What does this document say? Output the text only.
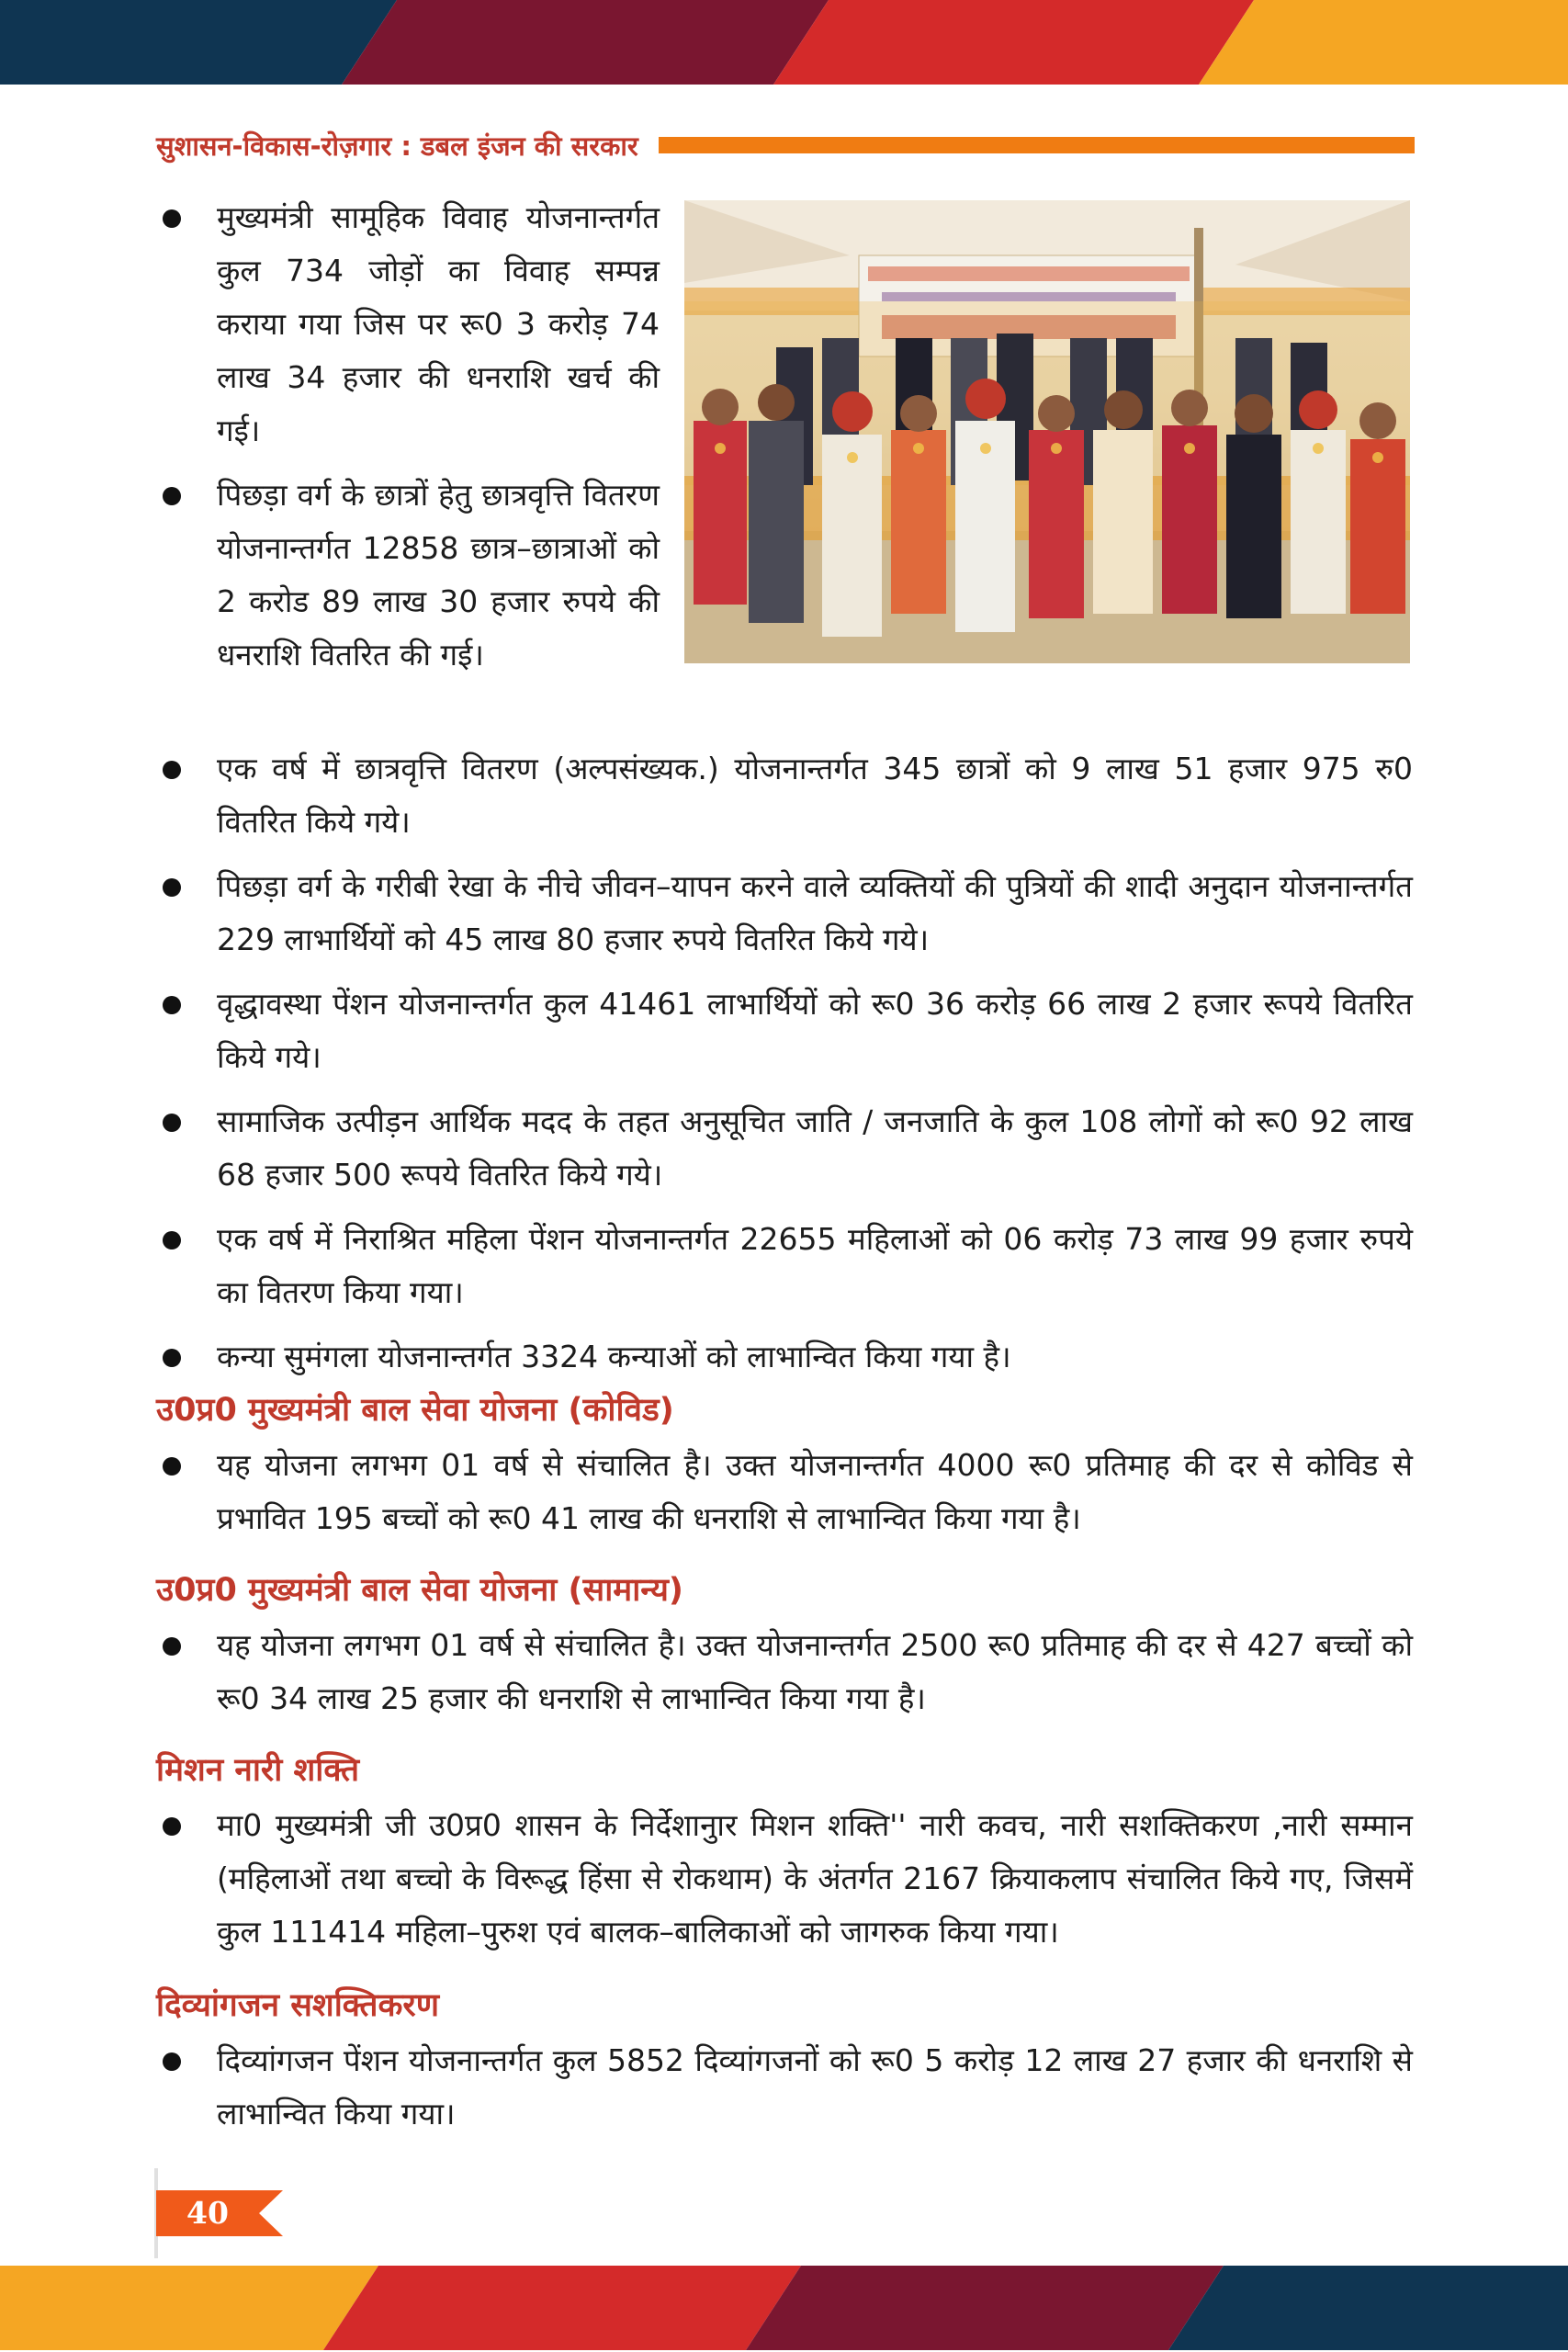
सुशासन-विकास-रोज़गार : डबल इंजन की सरकार
मुख्यमंत्री सामूहिक विवाह योजनान्तर्गत कुल 734 जोड़ों का विवाह सम्पन्न कराया गया जिस पर रू0 3 करोड़ 74 लाख 34 हजार की धनराशि खर्च की गई।
पिछड़ा वर्ग के छात्रों हेतु छात्रवृत्ति वितरण योजनान्तर्गत 12858 छात्र–छात्राओं को 2 करोड 89 लाख 30 हजार रुपये की धनराशि वितरित की गई।
एक वर्ष में छात्रवृत्ति वितरण (अल्पसंख्यक.) योजनान्तर्गत 345 छात्रों को 9 लाख 51 हजार 975 रु0 वितरित किये गये।
पिछड़ा वर्ग के गरीबी रेखा के नीचे जीवन–यापन करने वाले व्यक्तियों की पुत्रियों की शादी अनुदान योजनान्तर्गत 229 लाभार्थियों को 45 लाख 80 हजार रुपये वितरित किये गये।
वृद्धावस्था पेंशन योजनान्तर्गत कुल 41461 लाभार्थियों को रू0 36 करोड़ 66 लाख 2 हजार रूपये वितरित किये गये।
सामाजिक उत्पीड़न आर्थिक मदद के तहत अनुसूचित जाति / जनजाति के कुल 108 लोगों को रू0 92 लाख 68 हजार 500 रूपये वितरित किये गये।
एक वर्ष में निराश्रित महिला पेंशन योजनान्तर्गत 22655 महिलाओं को 06 करोड़ 73 लाख 99 हजार रुपये का वितरण किया गया।
कन्या सुमंगला योजनान्तर्गत 3324 कन्याओं को लाभान्वित किया गया है।
उ0प्र0 मुख्यमंत्री बाल सेवा योजना (कोविड)
यह योजना लगभग 01 वर्ष से संचालित है। उक्त योजनान्तर्गत 4000 रू0 प्रतिमाह की दर से कोविड से प्रभावित 195 बच्चों को रू0 41 लाख की धनराशि से लाभान्वित किया गया है।
उ0प्र0 मुख्यमंत्री बाल सेवा योजना (सामान्य)
यह योजना लगभग 01 वर्ष से संचालित है। उक्त योजनान्तर्गत 2500 रू0 प्रतिमाह की दर से 427 बच्चों को रू0 34 लाख 25 हजार की धनराशि से लाभान्वित किया गया है।
मिशन नारी शक्ति
मा0 मुख्यमंत्री जी उ0प्र0 शासन के निर्देशानुार मिशन शक्ति'' नारी कवच, नारी सशक्तिकरण ,नारी सम्मान (महिलाओं तथा बच्चो के विरूद्ध हिंसा से रोकथाम) के अंतर्गत 2167 क्रियाकलाप संचालित किये गए, जिसमें कुल 111414 महिला–पुरुश एवं बालक–बालिकाओं को जागरुक किया गया।
दिव्यांगजन सशक्तिकरण
दिव्यांगजन पेंशन योजनान्तर्गत कुल 5852 दिव्यांगजनों को रू0 5 करोड़ 12 लाख 27 हजार की धनराशि से लाभान्वित किया गया।
40
